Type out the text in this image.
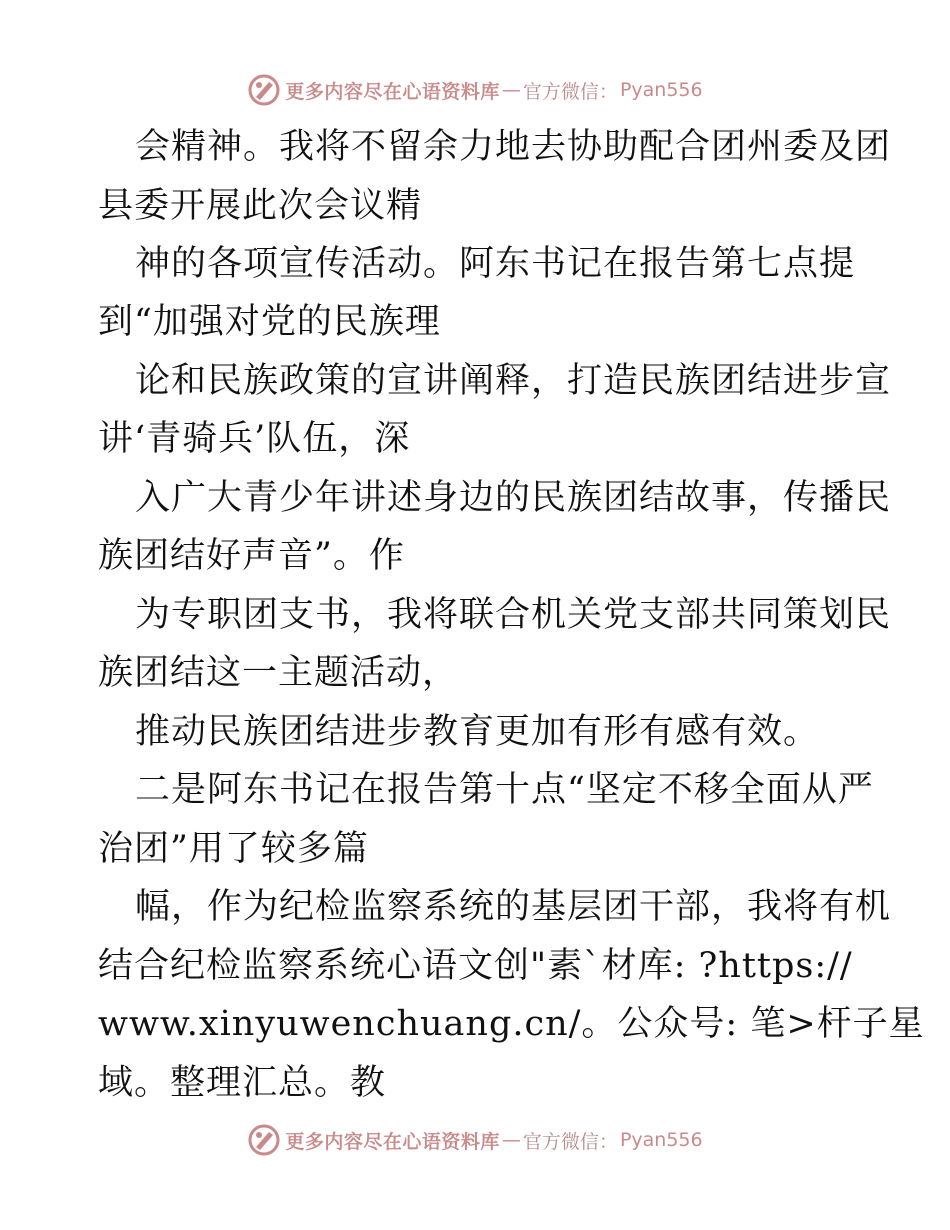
更多内容尽在心语资料库 — 官方微信： Pyan556
会精神。我将不留余力地去协助配合团州委及团
县委开展此次会议精
神的各项宣传活动。阿东书记在报告第七点提
到“加强对党的民族理
论和民族政策的宣讲阐释，打造民族团结进步宣
讲‘青骑兵’队伍，深
入广大青少年讲述身边的民族团结故事，传播民
族团结好声音”。作
为专职团支书，我将联合机关党支部共同策划民
族团结这一主题活动，
推动民族团结进步教育更加有形有感有效。
二是阿东书记在报告第十点“坚定不移全面从严
治团”用了较多篇
幅，作为纪检监察系统的基层团干部，我将有机
结合纪检监察系统心语文创"素`材库: ?https://
www.xinyuwenchuang.cn/。公众号: 笔>杆子星
域。整理汇总。教
更多内容尽在心语资料库 — 官方微信： Pyan556
